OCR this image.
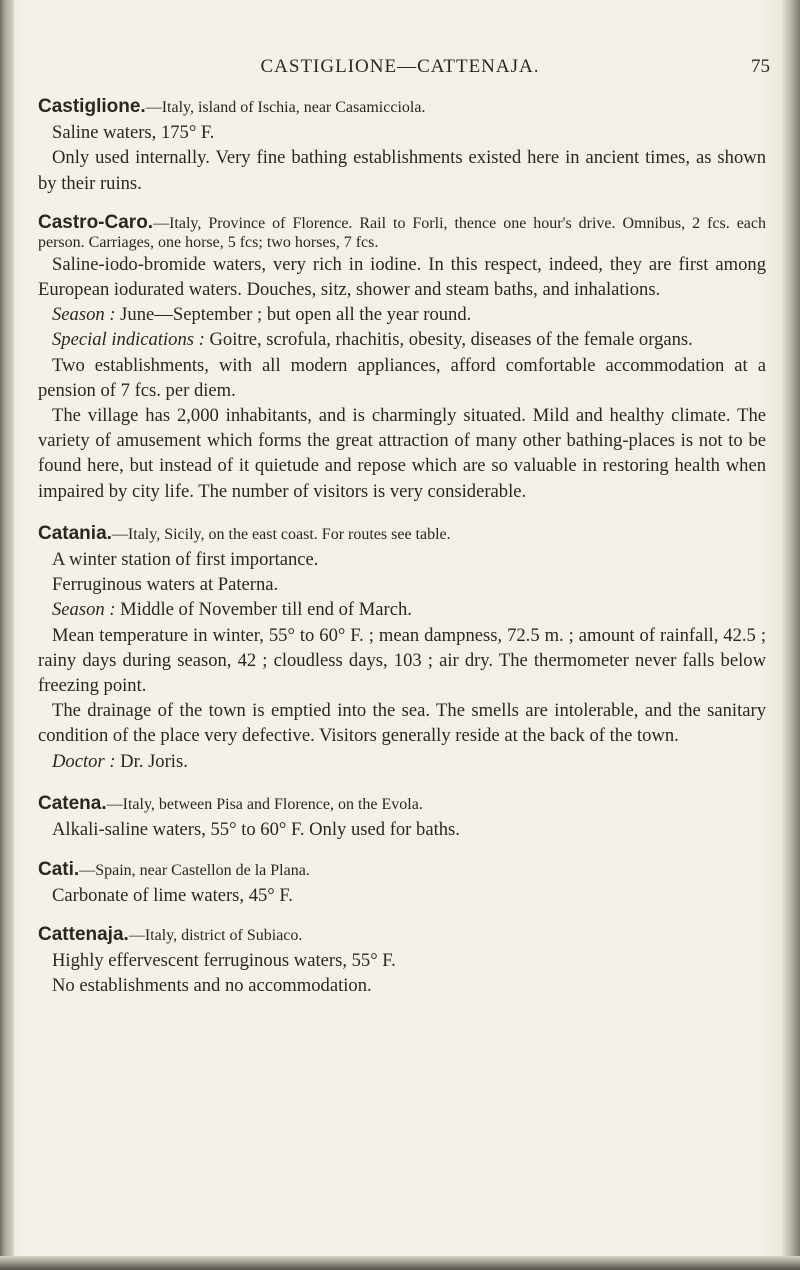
CASTIGLIONE—CATTENAJA.	75

Castiglione.—Italy, island of Ischia, near Casamicciola.

Saline waters, 175° F.

Only used internally. Very fine bathing establishments existed here in ancient times, as shown by their ruins.

Castro-Caro.—Italy, Province of Florence. Rail to Forli, thence one hour's drive. Omnibus, 2 fcs. each person. Carriages, one horse, 5 fcs; two horses, 7 fcs.

Saline-iodo-bromide waters, very rich in iodine. In this respect, indeed, they are first among European iodurated waters. Douches, sitz, shower and steam baths, and inhalations.

Season : June—September ; but open all the year round.

Special indications : Goitre, scrofula, rhachitis, obesity, diseases of the female organs.

Two establishments, with all modern appliances, afford comfortable accommodation at a pension of 7 fcs. per diem.

The village has 2,000 inhabitants, and is charmingly situated. Mild and healthy climate. The variety of amusement which forms the great attraction of many other bathing-places is not to be found here, but instead of it quietude and repose which are so valuable in restoring health when impaired by city life. The number of visitors is very considerable.

Catania.—Italy, Sicily, on the east coast. For routes see table.

A winter station of first importance.

Ferruginous waters at Paterna.

Season : Middle of November till end of March.

Mean temperature in winter, 55° to 60° F. ; mean dampness, 72.5 m. ; amount of rainfall, 42.5 ; rainy days during season, 42 ; cloudless days, 103 ; air dry. The thermometer never falls below freezing point.

The drainage of the town is emptied into the sea. The smells are intolerable, and the sanitary condition of the place very defective. Visitors generally reside at the back of the town.

Doctor : Dr. Joris.

Catena.—Italy, between Pisa and Florence, on the Evola.

Alkali-saline waters, 55° to 60° F. Only used for baths.

Cati.—Spain, near Castellon de la Plana.

Carbonate of lime waters, 45° F.

Cattenaja.—Italy, district of Subiaco.

Highly effervescent ferruginous waters, 55° F.

No establishments and no accommodation.
